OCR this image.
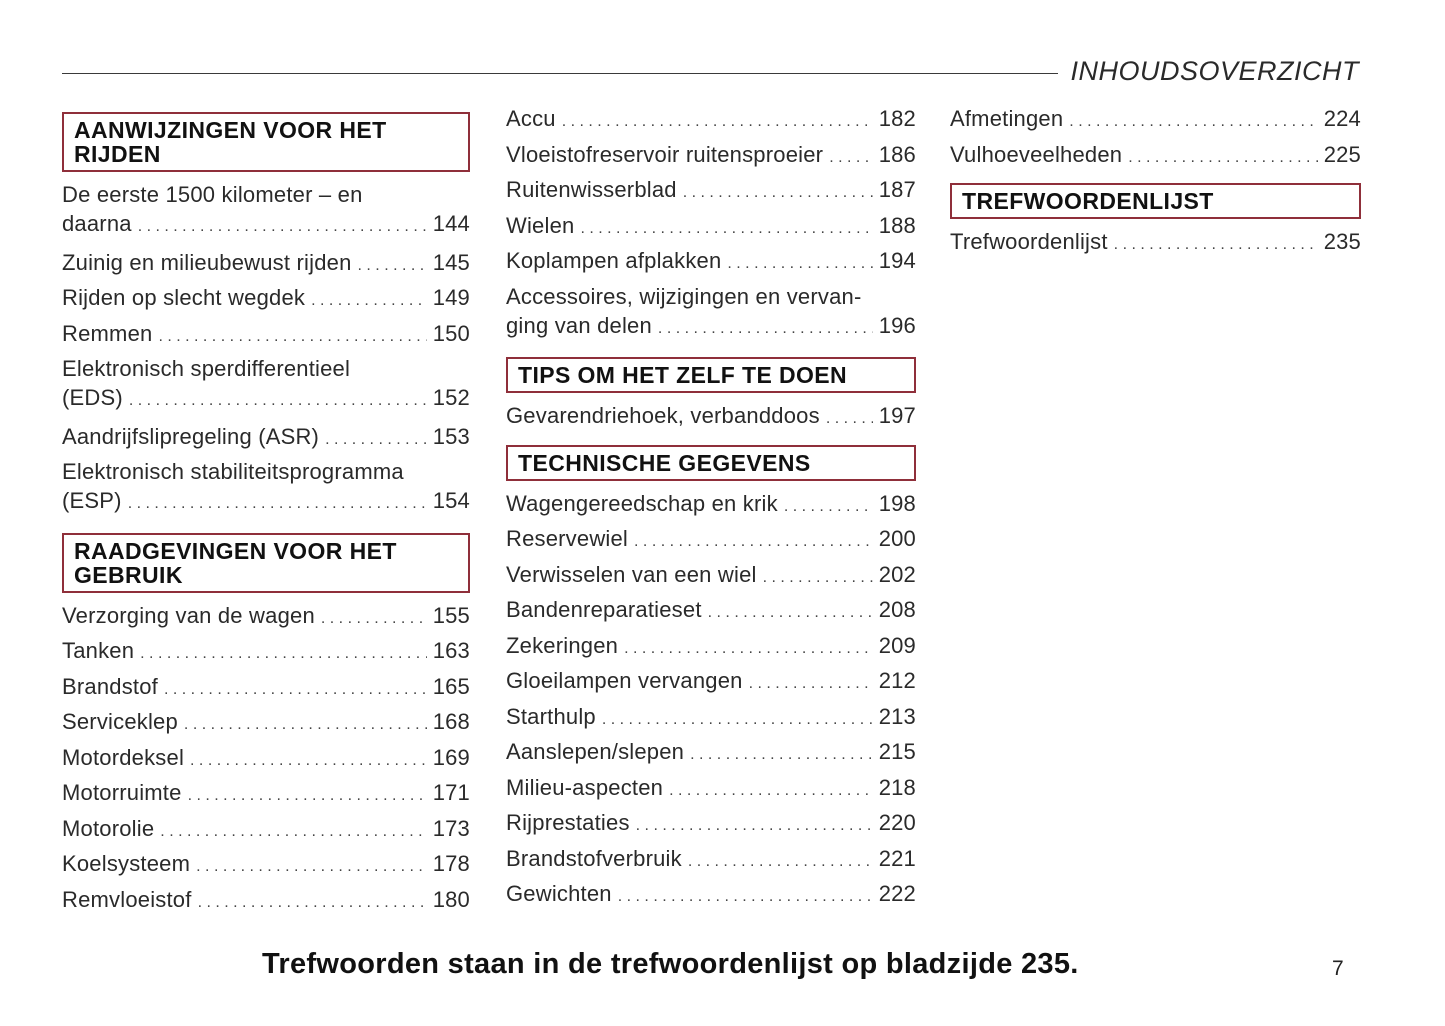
INHOUDSOVERZICHT
AANWIJZINGEN VOOR HET RIJDEN
De eerste 1500 kilometer – en
daarna . . .	144
Zuinig en milieubewust rijden . . .	145
Rijden op slecht wegdek . . .	149
Remmen . . .	150
Elektronisch sperdifferentieel
(EDS) . . .	152
Aandrijfslipregeling (ASR) . . .	153
Elektronisch stabiliteitsprogramma
(ESP) . . .	154
RAADGEVINGEN VOOR HET GEBRUIK
Verzorging van de wagen . . .	155
Tanken . . .	163
Brandstof . . .	165
Serviceklep . . .	168
Motordeksel . . .	169
Motorruimte . . .	171
Motorolie . . .	173
Koelsysteem . . .	178
Remvloeistof . . .	180
Accu . . .	182
Vloeistofreservoir ruitensproeier . . .	186
Ruitenwisserblad . . .	187
Wielen . . .	188
Koplampen afplakken . . .	194
Accessoires, wijzigingen en vervan-
ging van delen . . .	196
TIPS OM HET ZELF TE DOEN
Gevarendriehoek, verbanddoos . . .	197
TECHNISCHE GEGEVENS
Wagengereedschap en krik . . .	198
Reservewiel . . .	200
Verwisselen van een wiel . . .	202
Bandenreparatieset . . .	208
Zekeringen . . .	209
Gloeilampen vervangen . . .	212
Starthulp . . .	213
Aanslepen/slepen . . .	215
Milieu-aspecten . . .	218
Rijprestaties . . .	220
Brandstofverbruik . . .	221
Gewichten . . .	222
Afmetingen . . .	224
Vulhoeveelheden . . .	225
TREFWOORDENLIJST
Trefwoordenlijst . . .	235
Trefwoorden staan in de trefwoordenlijst op bladzijde 235.	7
